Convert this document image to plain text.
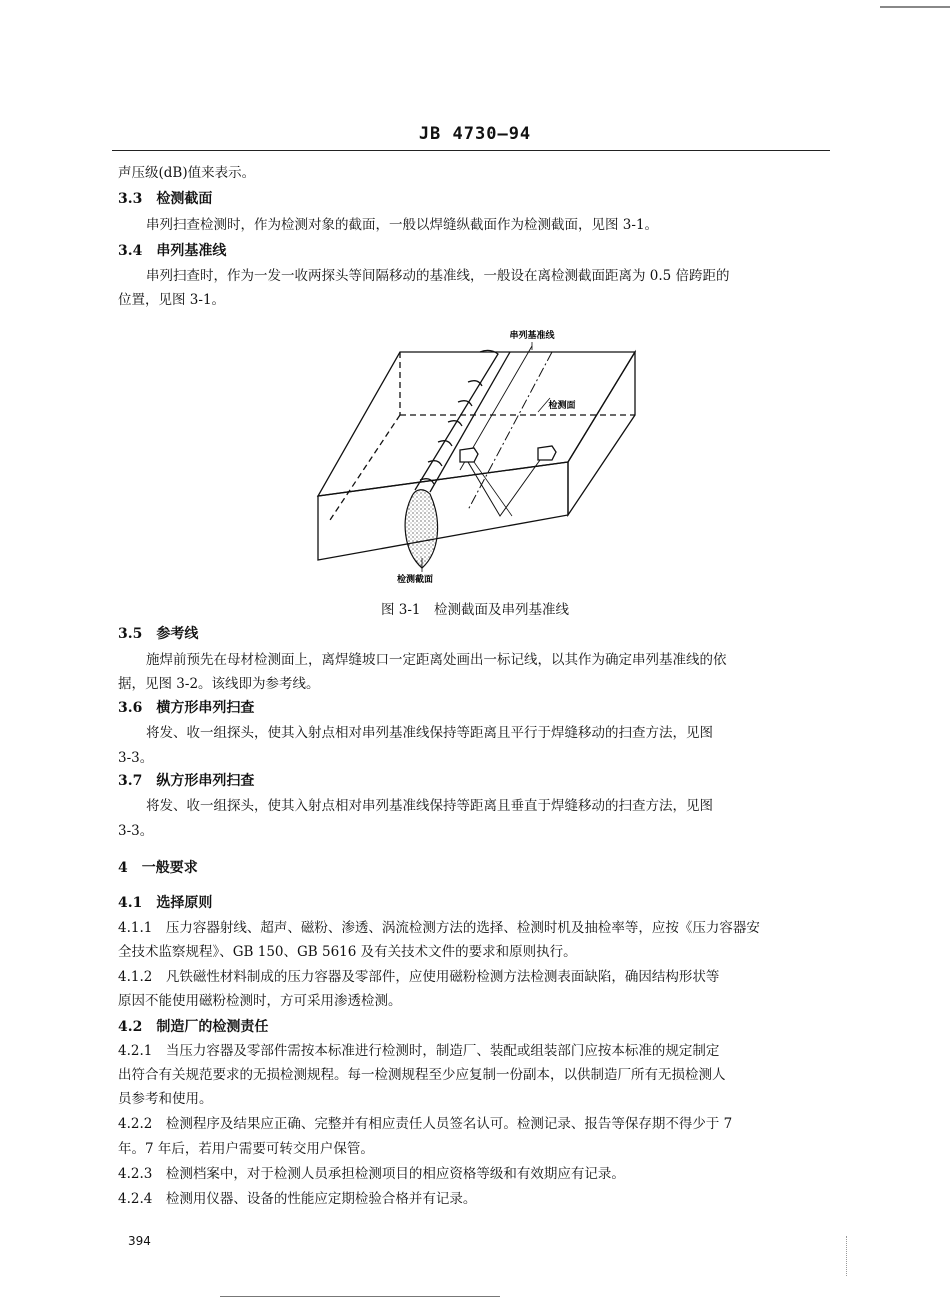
JB 4730—94
声压级(dB)值来表示。
3.3　检测截面
串列扫查检测时，作为检测对象的截面，一般以焊缝纵截面作为检测截面，见图 3-1。
3.4　串列基准线
串列扫查时，作为一发一收两探头等间隔移动的基准线，一般设在离检测截面距离为 0.5 倍跨距的
位置，见图 3-1。
串列基准线
检测面
检测截面
图 3-1　检测截面及串列基准线
3.5　参考线
施焊前预先在母材检测面上，离焊缝坡口一定距离处画出一标记线，以其作为确定串列基准线的依
据，见图 3-2。该线即为参考线。
3.6　横方形串列扫查
将发、收一组探头，使其入射点相对串列基准线保持等距离且平行于焊缝移动的扫查方法，见图
3-3。
3.7　纵方形串列扫查
将发、收一组探头，使其入射点相对串列基准线保持等距离且垂直于焊缝移动的扫查方法，见图
3-3。
4　一般要求
4.1　选择原则
4.1.1　压力容器射线、超声、磁粉、渗透、涡流检测方法的选择、检测时机及抽检率等，应按《压力容器安
全技术监察规程》、GB 150、GB 5616 及有关技术文件的要求和原则执行。
4.1.2　凡铁磁性材料制成的压力容器及零部件，应使用磁粉检测方法检测表面缺陷，确因结构形状等
原因不能使用磁粉检测时，方可采用渗透检测。
4.2　制造厂的检测责任
4.2.1　当压力容器及零部件需按本标准进行检测时，制造厂、装配或组装部门应按本标准的规定制定
出符合有关规范要求的无损检测规程。每一检测规程至少应复制一份副本，以供制造厂所有无损检测人
员参考和使用。
4.2.2　检测程序及结果应正确、完整并有相应责任人员签名认可。检测记录、报告等保存期不得少于 7
年。7 年后，若用户需要可转交用户保管。
4.2.3　检测档案中，对于检测人员承担检测项目的相应资格等级和有效期应有记录。
4.2.4　检测用仪器、设备的性能应定期检验合格并有记录。
394
